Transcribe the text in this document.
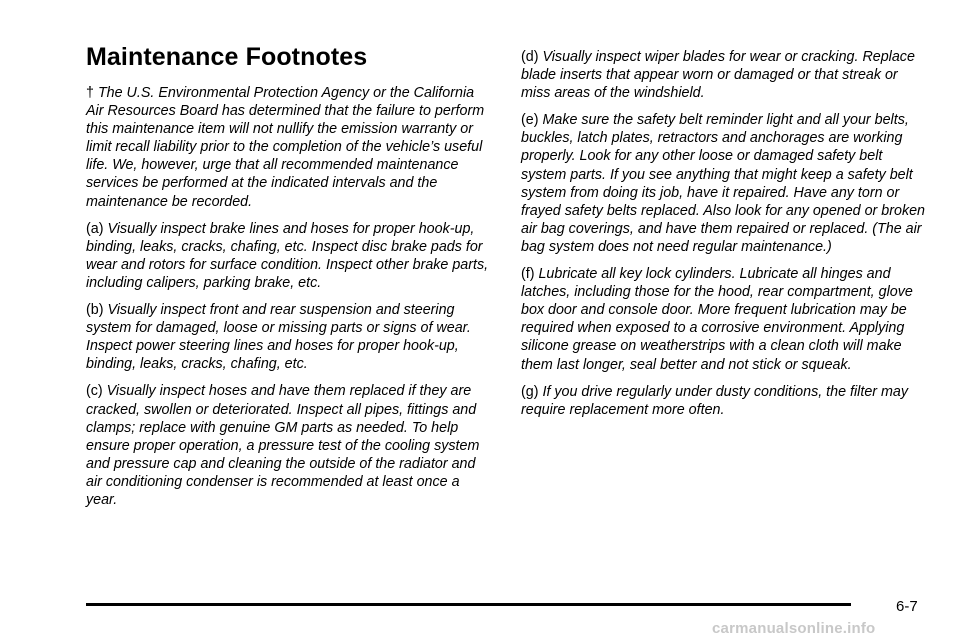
Maintenance Footnotes

† The U.S. Environmental Protection Agency or the California Air Resources Board has determined that the failure to perform this maintenance item will not nullify the emission warranty or limit recall liability prior to the completion of the vehicle’s useful life. We, however, urge that all recommended maintenance services be performed at the indicated intervals and the maintenance be recorded.

(a) Visually inspect brake lines and hoses for proper hook-up, binding, leaks, cracks, chafing, etc. Inspect disc brake pads for wear and rotors for surface condition. Inspect other brake parts, including calipers, parking brake, etc.

(b) Visually inspect front and rear suspension and steering system for damaged, loose or missing parts or signs of wear. Inspect power steering lines and hoses for proper hook-up, binding, leaks, cracks, chafing, etc.

(c) Visually inspect hoses and have them replaced if they are cracked, swollen or deteriorated. Inspect all pipes, fittings and clamps; replace with genuine GM parts as needed. To help ensure proper operation, a pressure test of the cooling system and pressure cap and cleaning the outside of the radiator and air conditioning condenser is recommended at least once a year.

(d) Visually inspect wiper blades for wear or cracking. Replace blade inserts that appear worn or damaged or that streak or miss areas of the windshield.

(e) Make sure the safety belt reminder light and all your belts, buckles, latch plates, retractors and anchorages are working properly. Look for any other loose or damaged safety belt system parts. If you see anything that might keep a safety belt system from doing its job, have it repaired. Have any torn or frayed safety belts replaced. Also look for any opened or broken air bag coverings, and have them repaired or replaced. (The air bag system does not need regular maintenance.)

(f) Lubricate all key lock cylinders. Lubricate all hinges and latches, including those for the hood, rear compartment, glove box door and console door. More frequent lubrication may be required when exposed to a corrosive environment. Applying silicone grease on weatherstrips with a clean cloth will make them last longer, seal better and not stick or squeak.

(g) If you drive regularly under dusty conditions, the filter may require replacement more often.

6-7
carmanualsonline.info
